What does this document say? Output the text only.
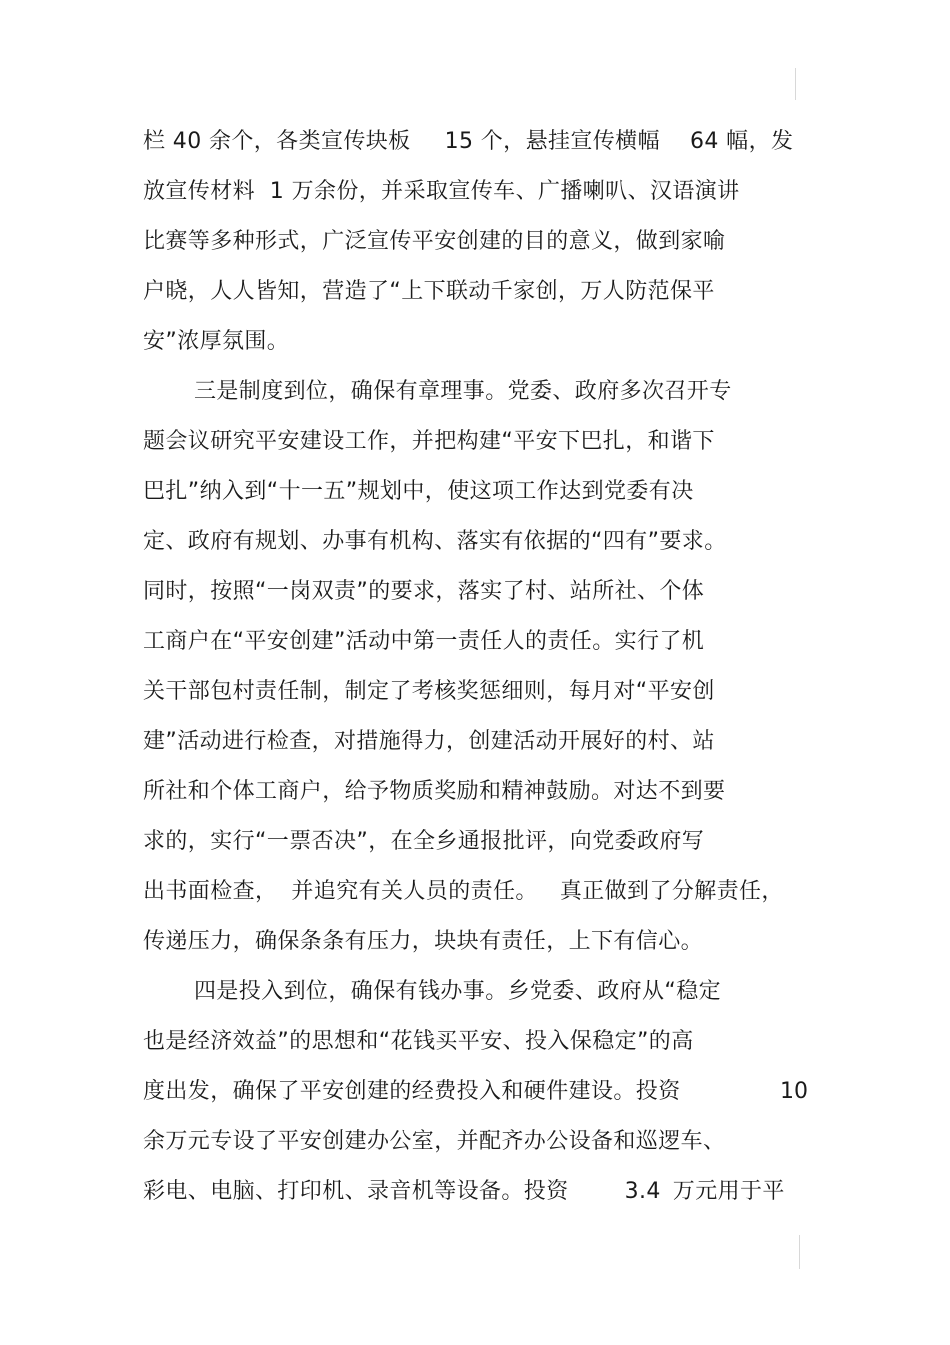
栏 40 余个，各类宣传块板 15 个，悬挂宣传横幅 64 幅，发
放宣传材料  1 万余份，并采取宣传车、广播喇叭、汉语演讲
比赛等多种形式，广泛宣传平安创建的目的意义，做到家喻
户晓，人人皆知，营造了“上下联动千家创，万人防范保平
安”浓厚氛围。
三是制度到位，确保有章理事。党委、政府多次召开专
题会议研究平安建设工作，并把构建“平安下巴扎，和谐下
巴扎”纳入到“十一五”规划中，使这项工作达到党委有决
定、政府有规划、办事有机构、落实有依据的“四有”要求。
同时，按照“一岗双责”的要求，落实了村、站所社、个体
工商户在“平安创建”活动中第一责任人的责任。实行了机
关干部包村责任制，制定了考核奖惩细则，每月对“平安创
建”活动进行检查，对措施得力，创建活动开展好的村、站
所社和个体工商户，给予物质奖励和精神鼓励。对达不到要
求的，实行“一票否决”，在全乡通报批评，向党委政府写
出书面检查， 并追究有关人员的责任。 真正做到了分解责任，
传递压力，确保条条有压力，块块有责任，上下有信心。
四是投入到位，确保有钱办事。乡党委、政府从“稳定
也是经济效益”的思想和“花钱买平安、投入保稳定”的高
度出发，确保了平安创建的经费投入和硬件建设。投资	10
余万元专设了平安创建办公室，并配齐办公设备和巡逻车、
彩电、电脑、打印机、录音机等设备。投资	3.4 万元用于平
